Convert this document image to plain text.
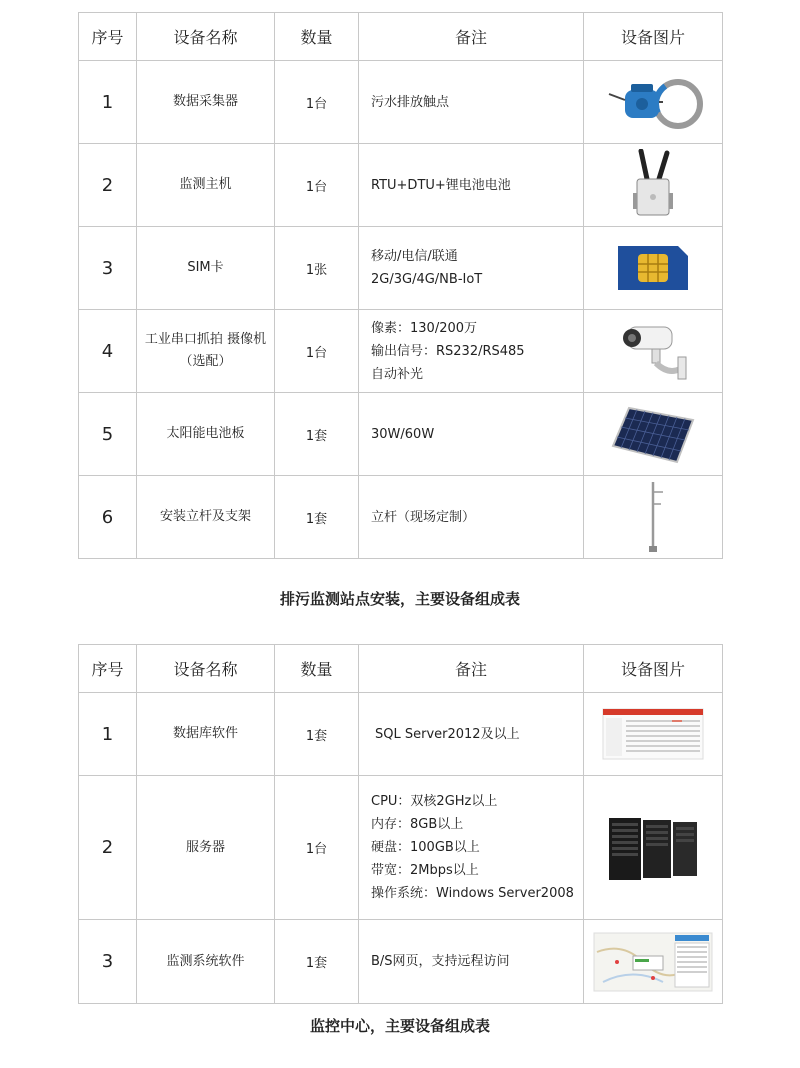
序号	设备名称	数量	备注	设备图片
1	数据采集器	1台	污水排放触点

2	监测主机	1台	RTU+DTU+锂电池电池

3	SIM卡	1张	移动/电信/联通
2G/3G/4G/NB-IoT

4	工业串口抓拍 摄像机（选配）	1台	像素：130/200万
输出信号：RS232/RS485
自动补光

5	太阳能电池板	1套	30W/60W

6	安装立杆及支架	1套	立杆（现场定制）

排污监测站点安装，主要设备组成表
序号	设备名称	数量	备注	设备图片
1	数据库软件	1套	SQL Server2012及以上

2	服务器	1台	CPU：双核2GHz以上
内存：8GB以上
硬盘：100GB以上
带宽：2Mbps以上
操作系统：Windows Server2008

3	监测系统软件	1套	B/S网页，支持远程访问

监控中心，主要设备组成表
